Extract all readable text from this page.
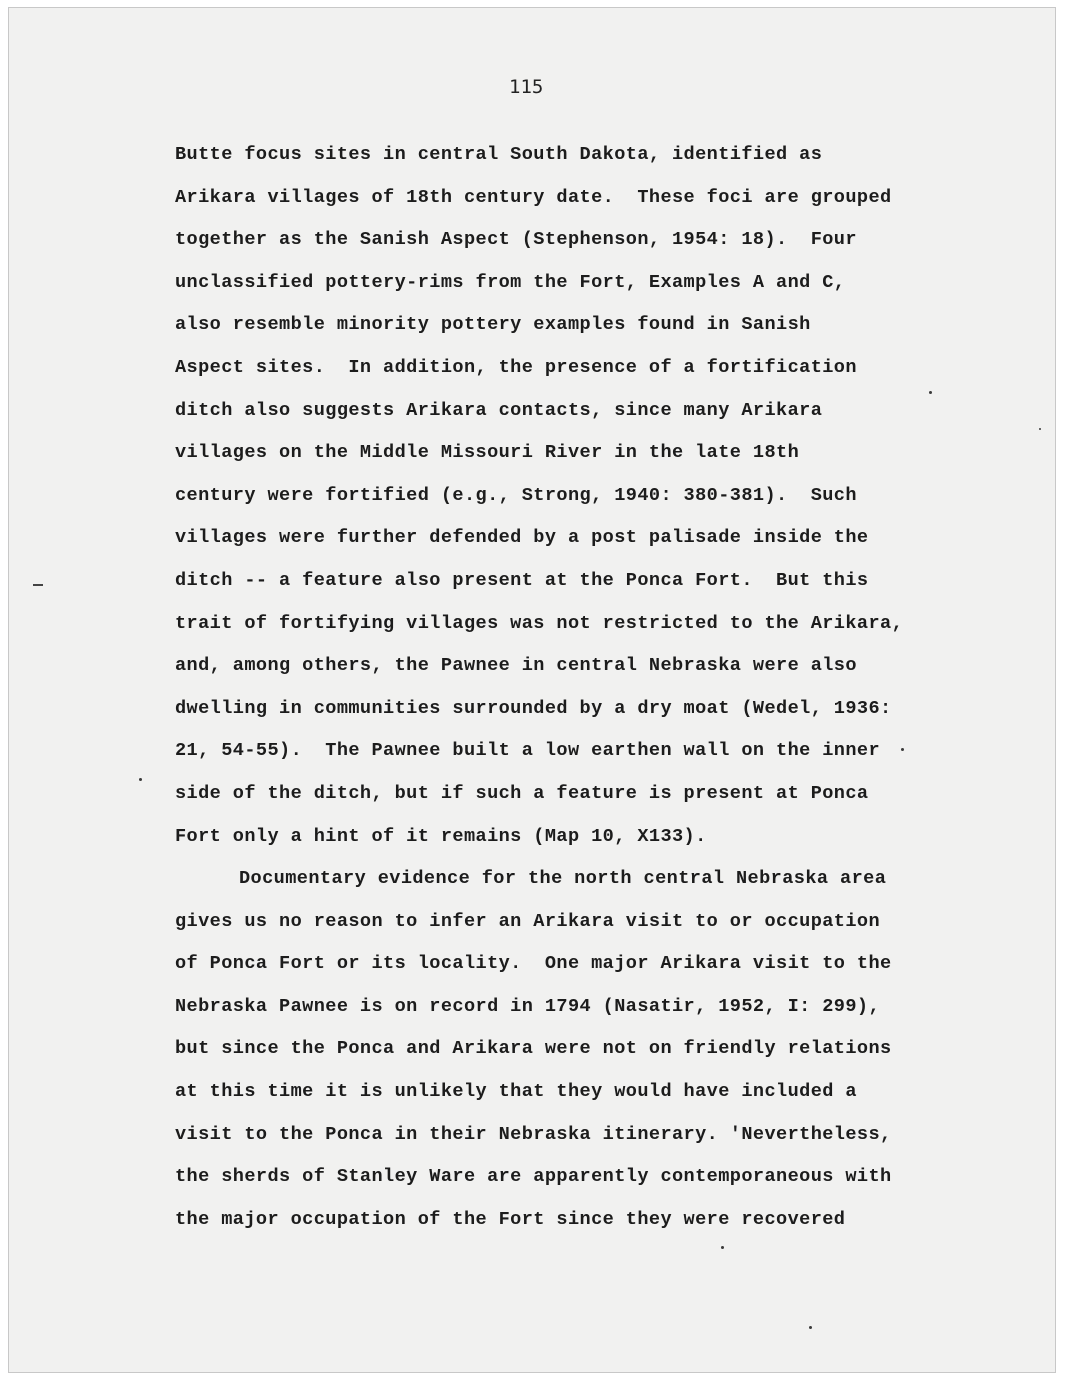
115

Butte focus sites in central South Dakota, identified as
Arikara villages of 18th century date.  These foci are grouped
together as the Sanish Aspect (Stephenson, 1954: 18).  Four
unclassified pottery-rims from the Fort, Examples A and C,
also resemble minority pottery examples found in Sanish
Aspect sites.  In addition, the presence of a fortification
ditch also suggests Arikara contacts, since many Arikara
villages on the Middle Missouri River in the late 18th
century were fortified (e.g., Strong, 1940: 380-381).  Such
villages were further defended by a post palisade inside the
ditch -- a feature also present at the Ponca Fort.  But this
trait of fortifying villages was not restricted to the Arikara,
and, among others, the Pawnee in central Nebraska were also
dwelling in communities surrounded by a dry moat (Wedel, 1936:
21, 54-55).  The Pawnee built a low earthen wall on the inner
side of the ditch, but if such a feature is present at Ponca
Fort only a hint of it remains (Map 10, X133).
Documentary evidence for the north central Nebraska area
gives us no reason to infer an Arikara visit to or occupation
of Ponca Fort or its locality.  One major Arikara visit to the
Nebraska Pawnee is on record in 1794 (Nasatir, 1952, I: 299),
but since the Ponca and Arikara were not on friendly relations
at this time it is unlikely that they would have included a
visit to the Ponca in their Nebraska itinerary. 'Nevertheless,
the sherds of Stanley Ware are apparently contemporaneous with
the major occupation of the Fort since they were recovered
